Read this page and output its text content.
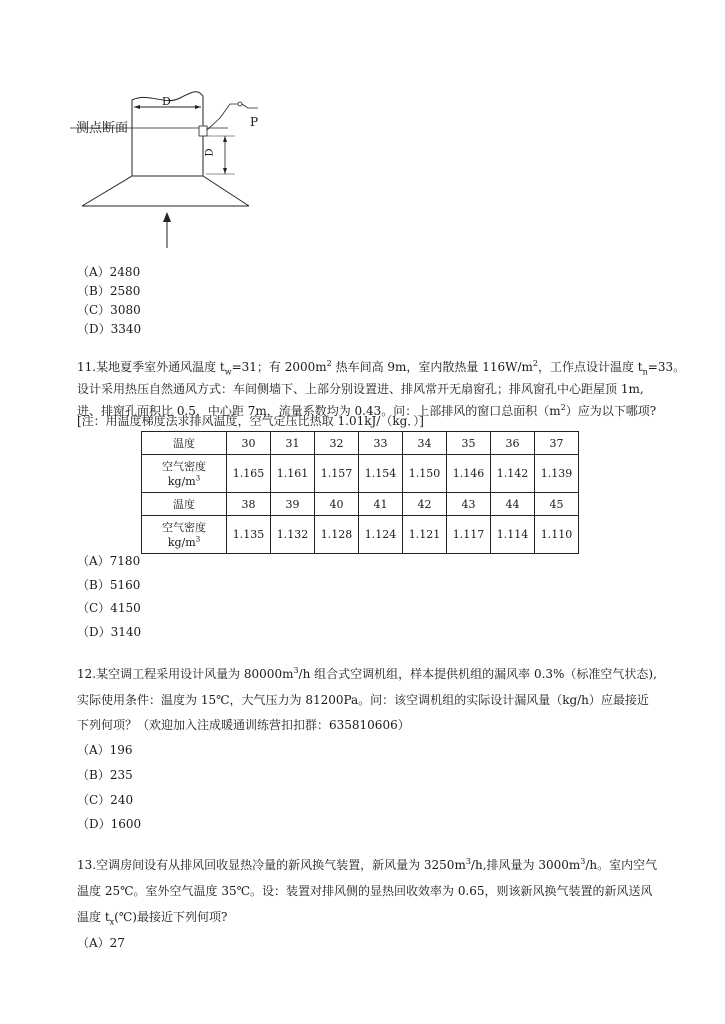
测点断面
D
P
D
（A）2480
（B）2580
（C）3080
（D）3340
11.某地夏季室外通风温度 $t_w=31$；有 $2000m^2$ 热车间高 9m，室内散热量 $116W/m^2$，工作点设计温度 $t_n=33$。
设计采用热压自然通风方式：车间侧墙下、上部分别设置进、排风常开无扇窗孔；排风窗孔中心距屋顶 1m,
进、排窗孔面积比 0.5，中心距 7m，流量系数均为 0.43。问：上部排风的窗口总面积$(m^2)$应为以下哪项?
[注：用温度梯度法求排风温度，空气定压比热取 1.01kJ/（kg．）]
温度	30	31	32	33	34	35	36	37
空气密度
$kg/m^3$	1.165	1.161	1.157	1.154	1.150	1.146	1.142	1.139
温度	38	39	40	41	42	43	44	45
空气密度
$kg/m^3$	1.135	1.132	1.128	1.124	1.121	1.117	1.114	1.110
（A）7180
（B）5160
（C）4150
（D）3140
12.某空调工程采用设计风量为 $80000m^3/h$ 组合式空调机组，样本提供机组的漏风率 0.3%（标准空气状态),
实际使用条件：温度为 15℃，大气压力为 81200Pa。问：该空调机组的实际设计漏风量（kg/h）应最接近
下列何项？（欢迎加入注成暖通训练营扣扣群：635810606）
（A）196
（B）235
（C）240
（D）1600
13.空调房间设有从排风回收显热冷量的新风换气装置，新风量为 $3250m^3/h$,排风量为 $3000m^3/h$。室内空气
温度 25℃。室外空气温度 35℃。设：装置对排风侧的显热回收效率为 0.65，则该新风换气装置的新风送风
温度 $t_x(℃)$最接近下列何项?
（A）27
